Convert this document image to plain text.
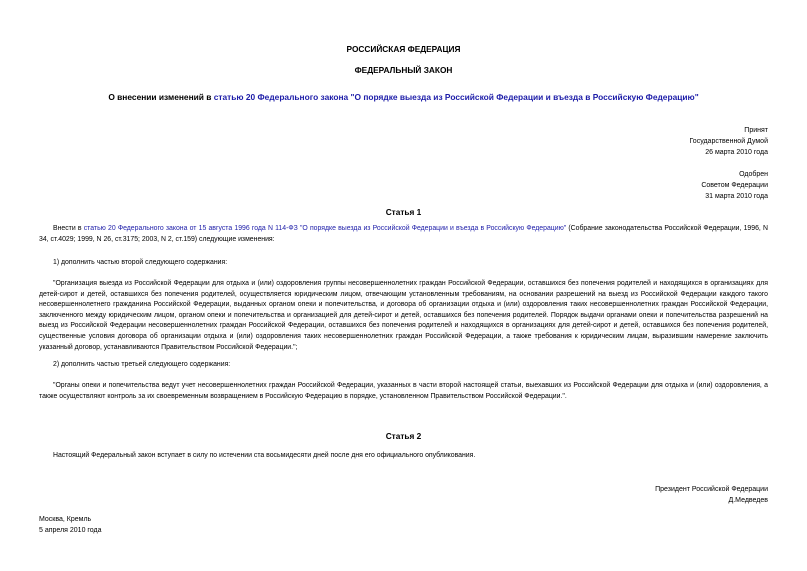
РОССИЙСКАЯ ФЕДЕРАЦИЯ
ФЕДЕРАЛЬНЫЙ ЗАКОН
О внесении изменений в статью 20 Федерального закона "О порядке выезда из Российской Федерации и въезда в Российскую Федерацию"
Принят
Государственной Думой
26 марта 2010 года
Одобрен
Советом Федерации
31 марта 2010 года
Статья 1
Внести в статью 20 Федерального закона от 15 августа 1996 года N 114-ФЗ "О порядке выезда из Российской Федерации и въезда в Российскую Федерацию" (Собрание законодательства Российской Федерации, 1996, N 34, ст.4029; 1999, N 26, ст.3175; 2003, N 2, ст.159) следующие изменения:
1) дополнить частью второй следующего содержания:
"Организация выезда из Российской Федерации для отдыха и (или) оздоровления группы несовершеннолетних граждан Российской Федерации, оставшихся без попечения родителей и находящихся в организациях для детей-сирот и детей, оставшихся без попечения родителей, осуществляется юридическим лицом, отвечающим установленным требованиям, на основании разрешений на выезд из Российской Федерации каждого такого несовершеннолетнего гражданина Российской Федерации, выданных органом опеки и попечительства, и договора об организации отдыха и (или) оздоровления таких несовершеннолетних граждан Российской Федерации, заключенного между юридическим лицом, органом опеки и попечительства и организацией для детей-сирот и детей, оставшихся без попечения родителей. Порядок выдачи органами опеки и попечительства разрешений на выезд из Российской Федерации несовершеннолетних граждан Российской Федерации, оставшихся без попечения родителей и находящихся в организациях для детей-сирот и детей, оставшихся без попечения родителей, существенные условия договора об организации отдыха и (или) оздоровления таких несовершеннолетних граждан Российской Федерации, а также требования к юридическим лицам, выразившим намерение заключить указанный договор, устанавливаются Правительством Российской Федерации.";
2) дополнить частью третьей следующего содержания:
"Органы опеки и попечительства ведут учет несовершеннолетних граждан Российской Федерации, указанных в части второй настоящей статьи, выехавших из Российской Федерации для отдыха и (или) оздоровления, а также осуществляют контроль за их своевременным возвращением в Российскую Федерацию в порядке, установленном Правительством Российской Федерации.".
Статья 2
Настоящий Федеральный закон вступает в силу по истечении ста восьмидесяти дней после дня его официального опубликования.
Президент Российской Федерации
Д.Медведев
Москва, Кремль
5 апреля 2010 года
